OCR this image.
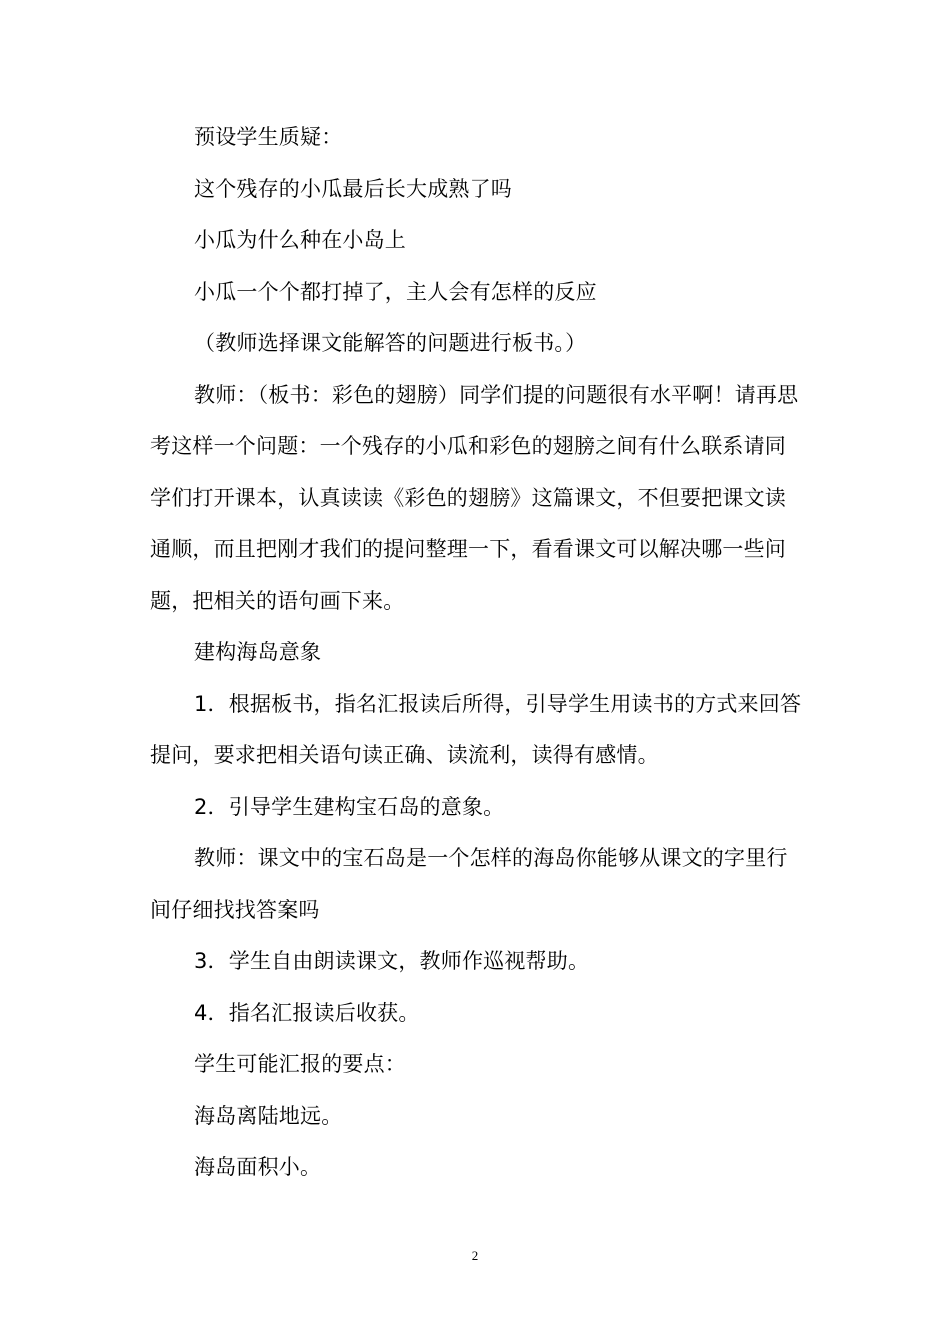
预设学生质疑：

这个残存的小瓜最后长大成熟了吗

小瓜为什么种在小岛上

小瓜一个个都打掉了，主人会有怎样的反应

（教师选择课文能解答的问题进行板书。）

教师：（板书：彩色的翅膀）同学们提的问题很有水平啊！请再思考这样一个问题：一个残存的小瓜和彩色的翅膀之间有什么联系请同学们打开课本，认真读读《彩色的翅膀》这篇课文，不但要把课文读通顺，而且把刚才我们的提问整理一下，看看课文可以解决哪一些问题，把相关的语句画下来。

建构海岛意象

1．根据板书，指名汇报读后所得，引导学生用读书的方式来回答提问，要求把相关语句读正确、读流利，读得有感情。

2．引导学生建构宝石岛的意象。

教师：课文中的宝石岛是一个怎样的海岛你能够从课文的字里行间仔细找找答案吗

3．学生自由朗读课文，教师作巡视帮助。

4．指名汇报读后收获。

学生可能汇报的要点：

海岛离陆地远。

海岛面积小。

2
